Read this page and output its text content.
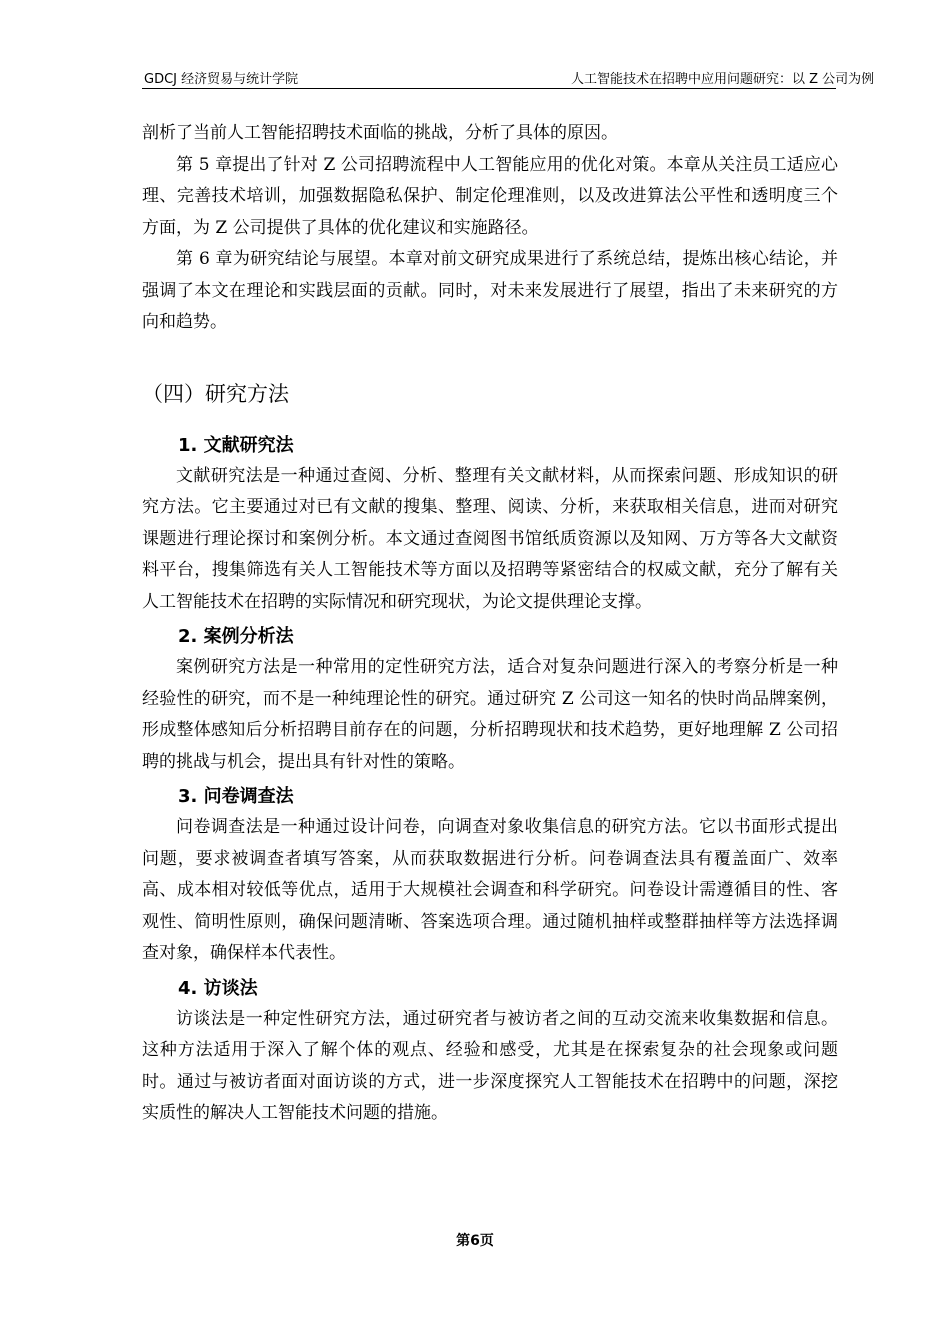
GDCJ 经济贸易与统计学院	人工智能技术在招聘中应用问题研究：以 Z 公司为例

剖析了当前人工智能招聘技术面临的挑战，分析了具体的原因。

第 5 章提出了针对 Z 公司招聘流程中人工智能应用的优化对策。本章从关注员工适应心理、完善技术培训，加强数据隐私保护、制定伦理准则，以及改进算法公平性和透明度三个方面，为 Z 公司提供了具体的优化建议和实施路径。

第 6 章为研究结论与展望。本章对前文研究成果进行了系统总结，提炼出核心结论，并强调了本文在理论和实践层面的贡献。同时，对未来发展进行了展望，指出了未来研究的方向和趋势。

（四）研究方法
1. 文献研究法

文献研究法是一种通过查阅、分析、整理有关文献材料，从而探索问题、形成知识的研究方法。它主要通过对已有文献的搜集、整理、阅读、分析，来获取相关信息，进而对研究课题进行理论探讨和案例分析。本文通过查阅图书馆纸质资源以及知网、万方等各大文献资料平台，搜集筛选有关人工智能技术等方面以及招聘等紧密结合的权威文献，充分了解有关人工智能技术在招聘的实际情况和研究现状，为论文提供理论支撑。

2. 案例分析法

案例研究方法是一种常用的定性研究方法，适合对复杂问题进行深入的考察分析是一种经验性的研究，而不是一种纯理论性的研究。通过研究 Z 公司这一知名的快时尚品牌案例，形成整体感知后分析招聘目前存在的问题，分析招聘现状和技术趋势，更好地理解 Z 公司招聘的挑战与机会，提出具有针对性的策略。

3. 问卷调查法

问卷调查法是一种通过设计问卷，向调查对象收集信息的研究方法。它以书面形式提出问题，要求被调查者填写答案，从而获取数据进行分析。问卷调查法具有覆盖面广、效率高、成本相对较低等优点，适用于大规模社会调查和科学研究。问卷设计需遵循目的性、客观性、简明性原则，确保问题清晰、答案选项合理。通过随机抽样或整群抽样等方法选择调查对象，确保样本代表性。

4. 访谈法

访谈法是一种定性研究方法，通过研究者与被访者之间的互动交流来收集数据和信息。这种方法适用于深入了解个体的观点、经验和感受，尤其是在探索复杂的社会现象或问题时。通过与被访者面对面访谈的方式，进一步深度探究人工智能技术在招聘中的问题，深挖实质性的解决人工智能技术问题的措施。

第6页
